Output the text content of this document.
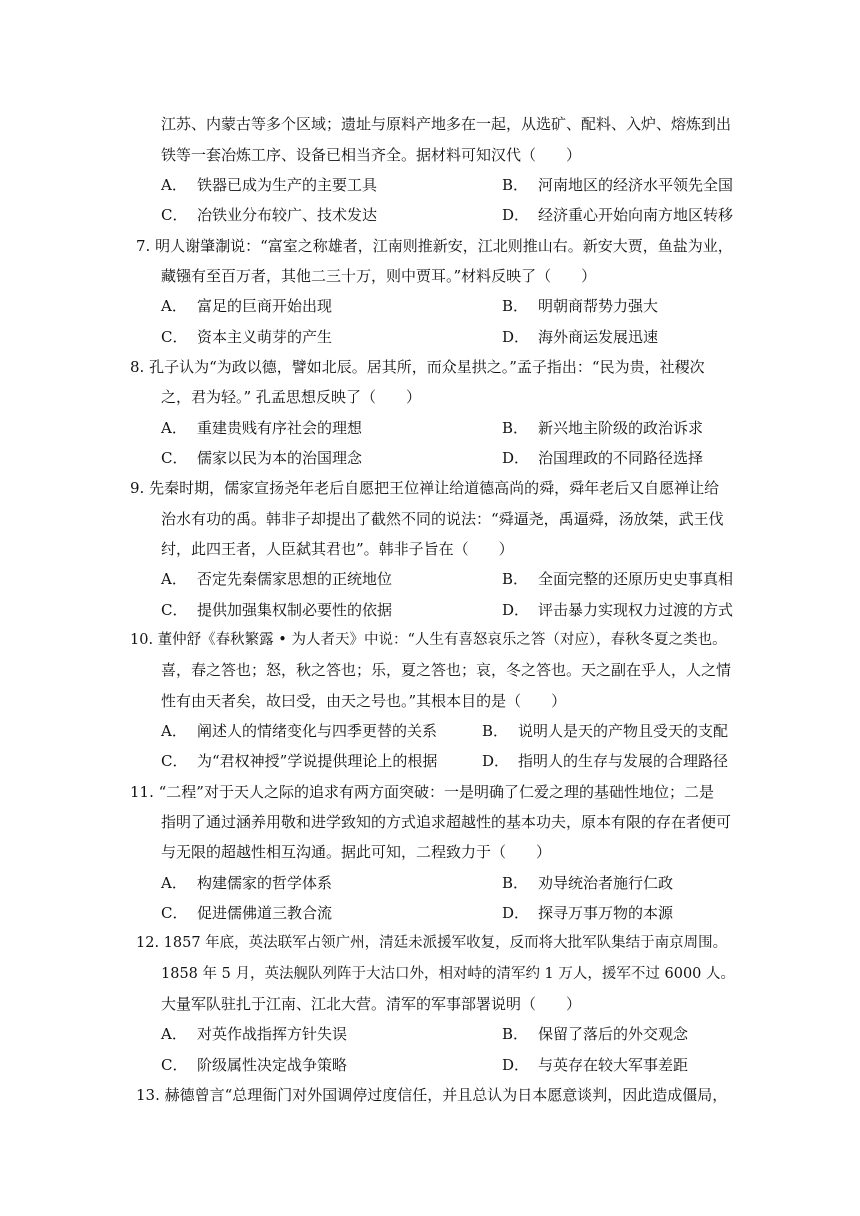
江苏、内蒙古等多个区域；遗址与原料产地多在一起，从选矿、配料、入炉、熔炼到出
铁等一套冶炼工序、设备已相当齐全。据材料可知汉代（　　）
A． 铁器已成为生产的主要工具	B． 河南地区的经济水平领先全国
C． 冶铁业分布较广、技术发达	D． 经济重心开始向南方地区转移
7. 明人谢肇淛说：“富室之称雄者，江南则推新安，江北则推山右。新安大贾，鱼盐为业，
藏镪有至百万者，其他二三十万，则中贾耳。”材料反映了（　　）
A． 富足的巨商开始出现	B． 明朝商帮势力强大
C． 资本主义萌芽的产生	D． 海外商运发展迅速
8. 孔子认为“为政以德，譬如北辰。居其所，而众星拱之。”孟子指出：“民为贵，社稷次
之，君为轻。” 孔孟思想反映了（　　）
A． 重建贵贱有序社会的理想	B． 新兴地主阶级的政治诉求
C． 儒家以民为本的治国理念	D． 治国理政的不同路径选择
9. 先秦时期，儒家宣扬尧年老后自愿把王位禅让给道德高尚的舜，舜年老后又自愿禅让给
治水有功的禹。韩非子却提出了截然不同的说法：“舜逼尧，禹逼舜，汤放桀，武王伐
纣，此四王者，人臣弑其君也”。韩非子旨在（　　）
A． 否定先秦儒家思想的正统地位	B． 全面完整的还原历史史事真相
C． 提供加强集权制必要性的依据	D． 评击暴力实现权力过渡的方式
10. 董仲舒《春秋繁露 • 为人者天》中说：“人生有喜怒哀乐之答（对应），春秋冬夏之类也。
喜，春之答也；怒，秋之答也；乐，夏之答也；哀，冬之答也。天之副在乎人，人之情
性有由天者矣，故曰受，由天之号也。”其根本目的是（　　）
A． 阐述人的情绪变化与四季更替的关系	B． 说明人是天的产物且受天的支配
C． 为“君权神授”学说提供理论上的根据	D． 指明人的生存与发展的合理路径
11. “二程”对于天人之际的追求有两方面突破：一是明确了仁爱之理的基础性地位；二是
指明了通过涵养用敬和进学致知的方式追求超越性的基本功夫，原本有限的存在者便可
与无限的超越性相互沟通。据此可知，二程致力于（　　）
A． 构建儒家的哲学体系	B． 劝导统治者施行仁政
C． 促进儒佛道三教合流	D． 探寻万事万物的本源
12. 1857 年底，英法联军占领广州，清廷未派援军收复，反而将大批军队集结于南京周围。
1858 年 5 月，英法舰队列阵于大沽口外，相对峙的清军约 1 万人，援军不过 6000 人。
大量军队驻扎于江南、江北大营。清军的军事部署说明（　　）
A． 对英作战指挥方针失误	B． 保留了落后的外交观念
C． 阶级属性决定战争策略	D． 与英存在较大军事差距
13. 赫德曾言“总理衙门对外国调停过度信任，并且总认为日本愿意谈判，因此造成僵局，
